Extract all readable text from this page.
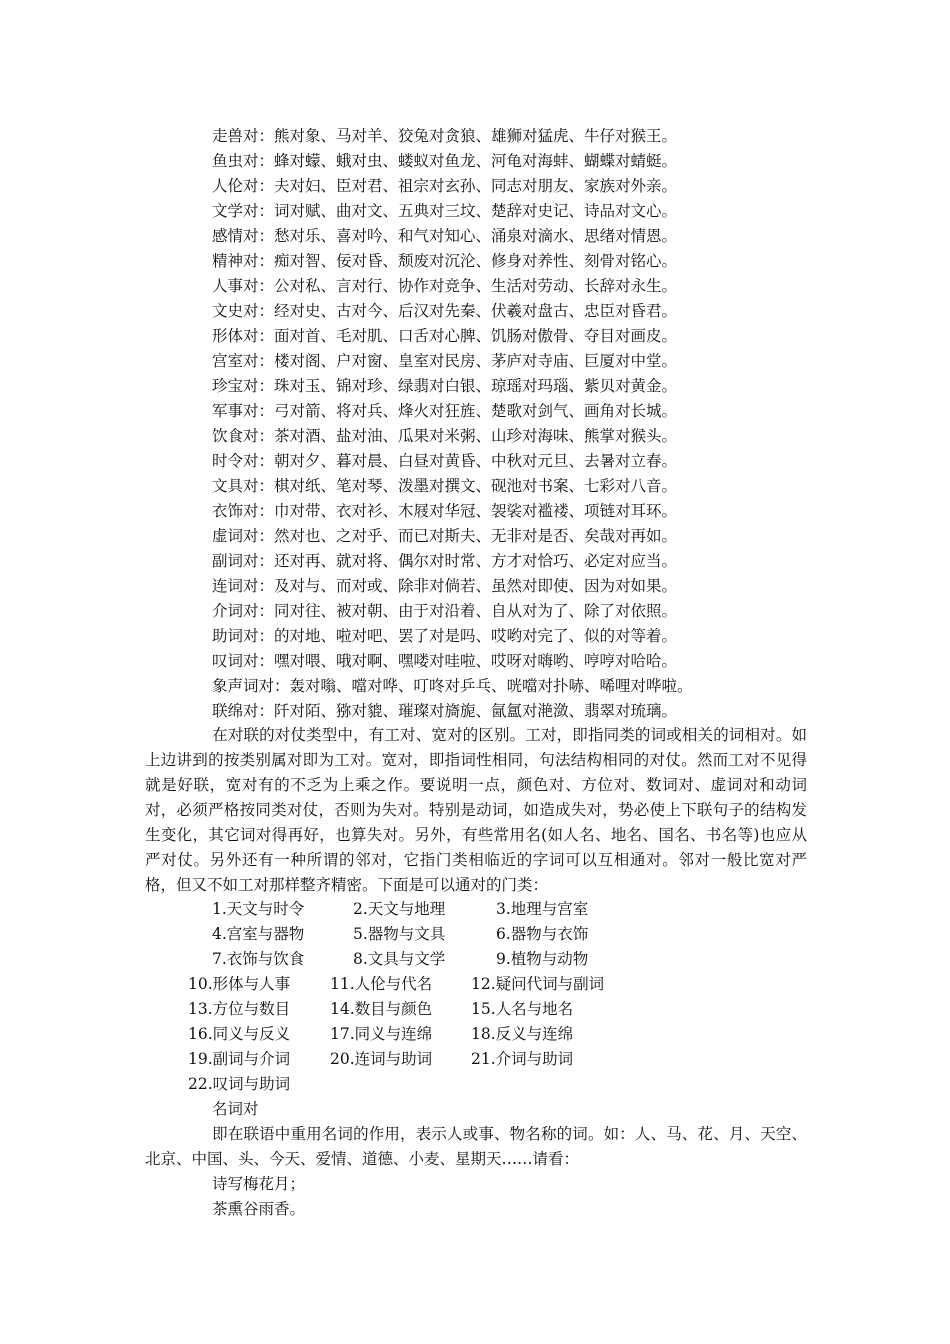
走兽对：熊对象、马对羊、狡兔对贪狼、雄狮对猛虎、牛仔对猴王。
鱼虫对：蜂对蠓、蛾对虫、蝼蚁对鱼龙、河龟对海蚌、蝴蝶对蜻蜓。
人伦对：夫对妇、臣对君、祖宗对玄孙、同志对朋友、家族对外亲。
文学对：词对赋、曲对文、五典对三坟、楚辞对史记、诗品对文心。
感情对：愁对乐、喜对吟、和气对知心、涌泉对滴水、思绪对情恩。
精神对：痴对智、佞对昏、颓废对沉沦、修身对养性、刻骨对铭心。
人事对：公对私、言对行、协作对竞争、生活对劳动、长辞对永生。
文史对：经对史、古对今、后汉对先秦、伏羲对盘古、忠臣对昏君。
形体对：面对首、毛对肌、口舌对心脾、饥肠对傲骨、夺目对画皮。
宫室对：楼对阁、户对窗、皇室对民房、茅庐对寺庙、巨厦对中堂。
珍宝对：珠对玉、锦对珍、绿翡对白银、琼瑶对玛瑙、紫贝对黄金。
军事对：弓对箭、将对兵、烽火对狂旌、楚歌对剑气、画角对长城。
饮食对：茶对酒、盐对油、瓜果对米粥、山珍对海味、熊掌对猴头。
时令对：朝对夕、暮对晨、白昼对黄昏、中秋对元旦、去暑对立春。
文具对：棋对纸、笔对琴、泼墨对撰文、砚池对书案、七彩对八音。
衣饰对：巾对带、衣对衫、木屐对华冠、袈裟对褴褛、项链对耳环。
虚词对：然对也、之对乎、而已对斯夫、无非对是否、矣哉对再如。
副词对：还对再、就对将、偶尔对时常、方才对恰巧、必定对应当。
连词对：及对与、而对或、除非对倘若、虽然对即使、因为对如果。
介词对：同对往、被对朝、由于对沿着、自从对为了、除了对依照。
助词对：的对地、啦对吧、罢了对是吗、哎哟对完了、似的对等着。
叹词对：嘿对喂、哦对啊、嘿喽对哇啦、哎呀对嗨哟、哼哼对哈哈。
象声词对：轰对嗡、噹对哗、叮咚对乒乓、咣噹对扑哧、唏哩对哗啦。
联绵对：阡对陌、猕对貔、璀璨对旖旎、氤氲对滟潋、翡翠对琉璃。
在对联的对仗类型中，有工对、宽对的区别。工对，即指同类的词或相关的词相对。如上边讲到的按类别属对即为工对。宽对，即指词性相同，句法结构相同的对仗。然而工对不见得就是好联，宽对有的不乏为上乘之作。要说明一点，颜色对、方位对、数词对、虚词对和动词对，必须严格按同类对仗，否则为失对。特别是动词，如造成失对，势必使上下联句子的结构发生变化，其它词对得再好，也算失对。另外，有些常用名(如人名、地名、国名、书名等)也应从严对仗。另外还有一种所谓的邻对，它指门类相临近的字词可以互相通对。邻对一般比宽对严格，但又不如工对那样整齐精密。下面是可以通对的门类：
1.天文与时令	2.天文与地理	3.地理与宫室
4.宫室与器物	5.器物与文具	6.器物与衣饰
7.衣饰与饮食	8.文具与文学	9.植物与动物
10.形体与人事	11.人伦与代名	12.疑问代词与副词
13.方位与数目	14.数目与颜色	15.人名与地名
16.同义与反义	17.同义与连绵	18.反义与连绵
19.副词与介词	20.连词与助词	21.介词与助词
22.叹词与助词
名词对
即在联语中重用名词的作用，表示人或事、物名称的词。如：人、马、花、月、天空、北京、中国、头、今天、爱情、道德、小麦、星期天……请看：
诗写梅花月；
茶熏谷雨香。
